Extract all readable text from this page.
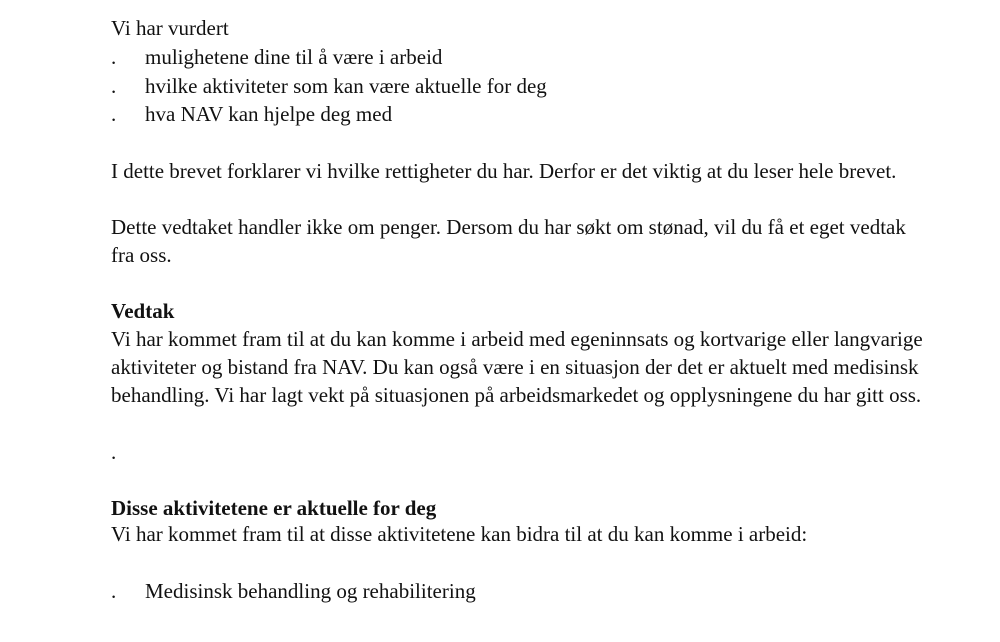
Vi har vurdert
.	mulighetene dine til å være i arbeid
.	hvilke aktiviteter som kan være aktuelle for deg
.	hva NAV kan hjelpe deg med
I dette brevet forklarer vi hvilke rettigheter du har. Derfor er det viktig at du leser hele brevet.
Dette vedtaket handler ikke om penger. Dersom du har søkt om stønad, vil du få et eget vedtak
fra oss.
Vedtak
Vi har kommet fram til at du kan komme i arbeid med egeninnsats og kortvarige eller langvarige
aktiviteter og bistand fra NAV. Du kan også være i en situasjon der det er aktuelt med medisinsk
behandling. Vi har lagt vekt på situasjonen på arbeidsmarkedet og opplysningene du har gitt oss.
.
Disse aktivitetene er aktuelle for deg
Vi har kommet fram til at disse aktivitetene kan bidra til at du kan komme i arbeid:
.	Medisinsk behandling og rehabilitering
